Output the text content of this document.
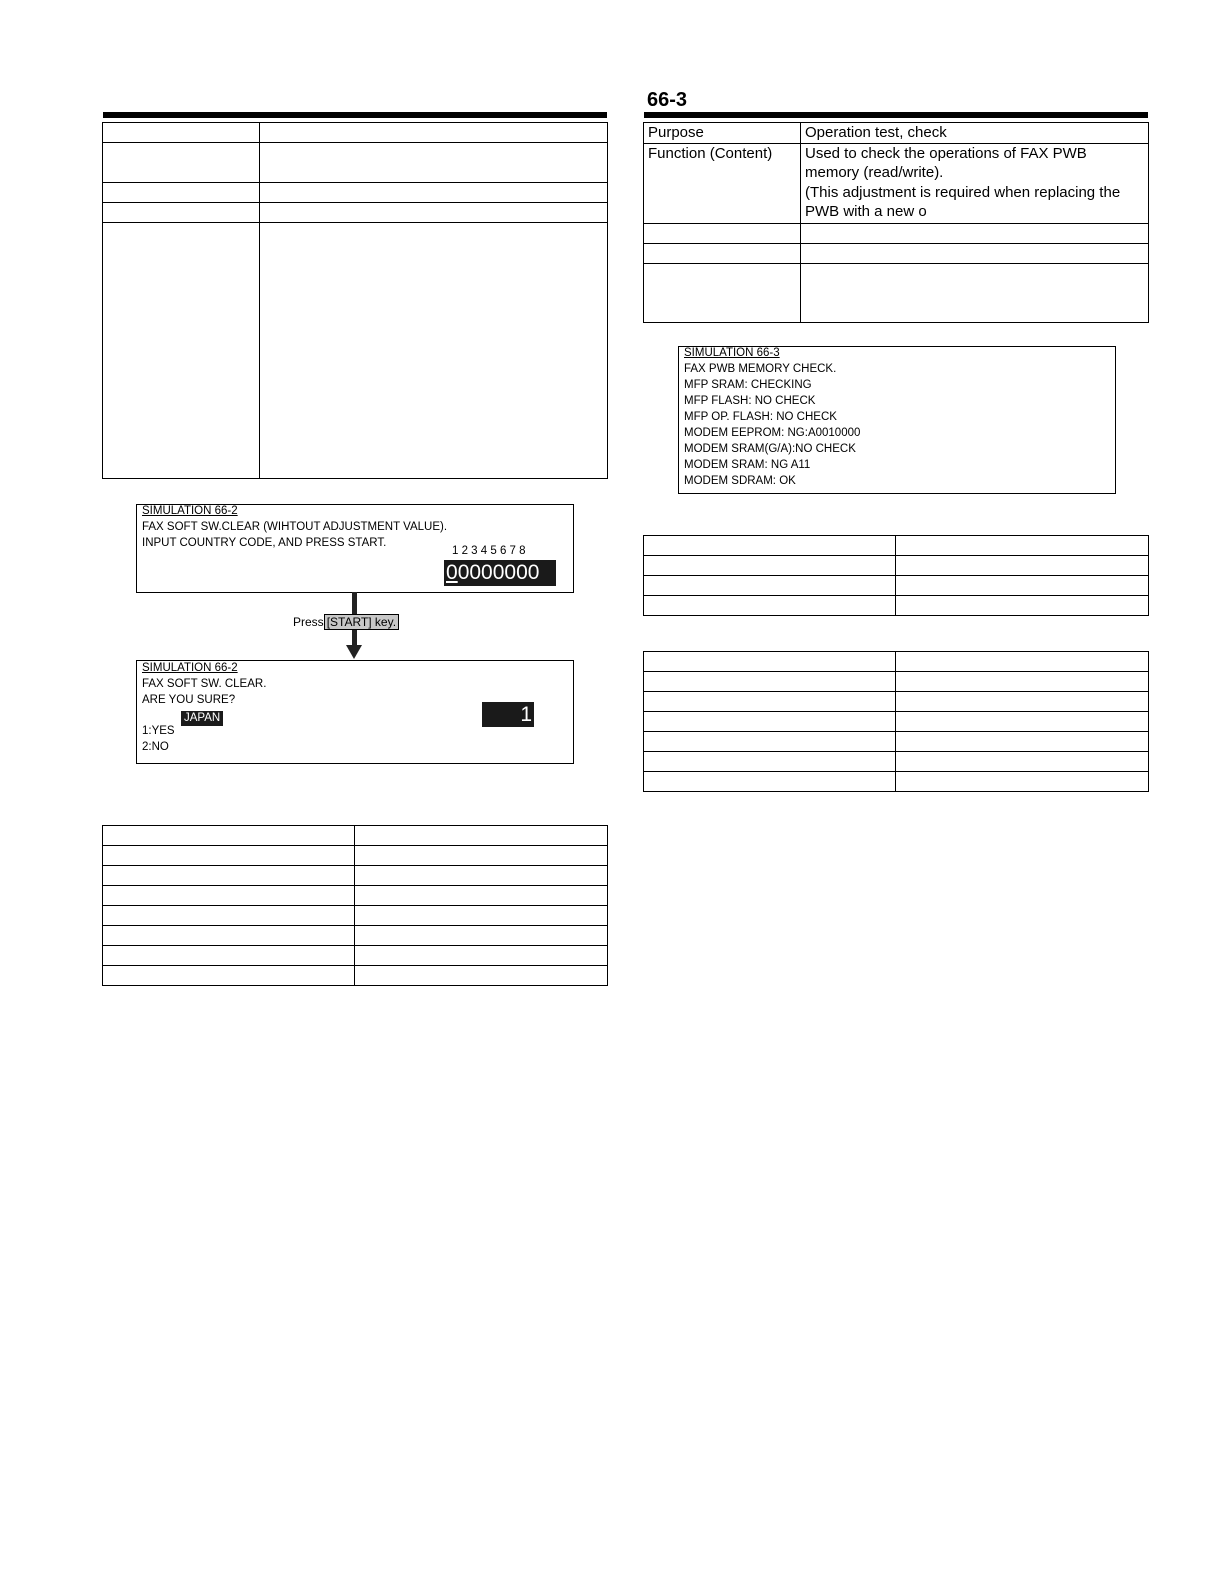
SIMULATION 66-2
FAX SOFT SW.CLEAR (WIHTOUT ADJUSTMENT VALUE).
INPUT COUNTRY CODE, AND PRESS START.
1 2 3 4 5 6 7 8
00000000
Press [START] key.
SIMULATION 66-2
FAX SOFT SW. CLEAR.
ARE YOU SURE?
JAPAN
1:YES
2:NO
1

66-3
Purpose	Operation test, check
Function (Content)	Used to check the operations of FAX PWB memory (read/write).
(This adjustment is required when replacing the PWB with a new o

SIMULATION 66-3
FAX PWB MEMORY CHECK.
MFP SRAM: CHECKING
MFP FLASH: NO CHECK
MFP OP. FLASH: NO CHECK
MODEM EEPROM: NG:A0010000
MODEM SRAM(G/A):NO CHECK
MODEM SRAM: NG A11
MODEM SDRAM: OK
